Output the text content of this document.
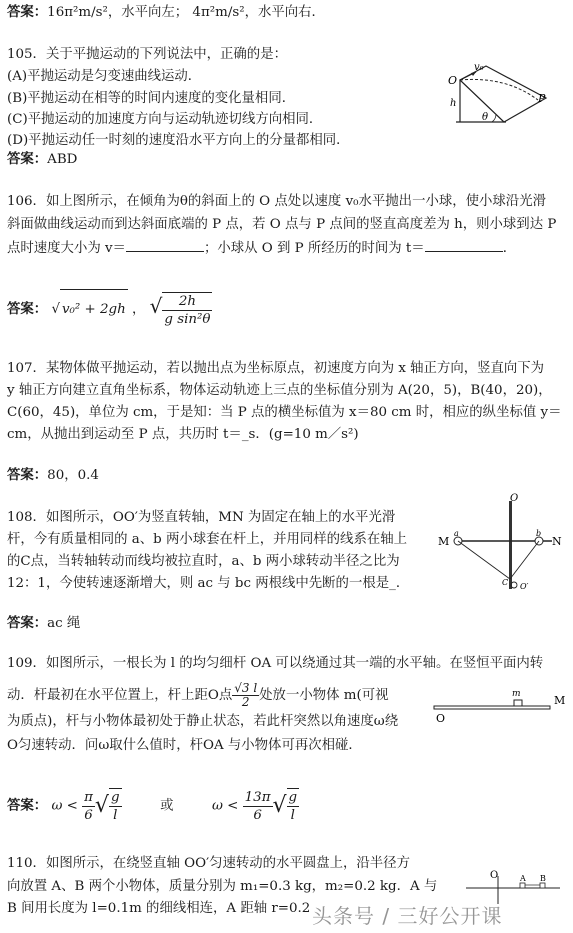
答案：16π²m/s²，水平向左； 4π²m/s²，水平向右．
105．关于平抛运动的下列说法中，正确的是：
(A)平抛运动是匀变速曲线运动．
(B)平抛运动在相等的时间内速度的变化量相同．
(C)平抛运动的加速度方向与运动轨迹切线方向相同．
(D)平抛运动任一时刻的速度沿水平方向上的分量都相同．
答案：ABD
O
v₀
h
θ
P
106．如上图所示，在倾角为θ的斜面上的 O 点处以速度 v₀水平抛出一小球，使小球沿光滑
斜面做曲线运动而到达斜面底端的 P 点，若 O 点与 P 点间的竖直高度差为 h，则小球到达 P
点时速度大小为 v＝	；小球从 O 到 P 所经历的时间为 t＝	．
答案： √ v₀² + 2gh ， √ $\frac{2h}{\text{g sin²θ}}$
107．某物体做平抛运动，若以抛出点为坐标原点，初速度方向为 x 轴正方向，竖直向下为
y 轴正方向建立直角坐标系，物体运动轨迹上三点的坐标值分别为 A(20，5)，B(40，20)，
C(60，45)，单位为 cm，于是知：当 P 点的横坐标值为 x＝80 cm 时，相应的纵坐标值 y＝
cm，从抛出到运动至 P 点，共历时 t＝_s．(g=10 m／s²)
答案：80，0.4
108．如图所示，OO′为竖直转轴，MN 为固定在轴上的水平光滑
杆，今有质量相同的 a、b 两小球套在杆上，并用同样的线系在轴上
的C点，当转轴转动而线均被拉直时，a、b 两小球转动半径之比为
12：1，今使转速逐渐增大，则 ac 与 bc 两根线中先断的一根是_．
答案：ac 绳
O
M	N
a	b
C O′
109．如图所示，一根长为 l 的均匀细杆 OA 可以绕通过其一端的水平轴。在竖恒平面内转
动．杆最初在水平位置上，杆上距O点 $\frac{√3 l}{2}$ 处放一小物体 m(可视
为质点)，杆与小物体最初处于静止状态，若此杆突然以角速度ω绕
O匀速转动．问ω取什么值时，杆OA 与小物体可再次相碰．
答案： $\omega < \frac{\pi}{6}$ √ $\frac{g}{l}$	或	$\omega < \frac{13\pi}{6}$ √ $\frac{g}{l}$
m	M
O
110．如图所示，在绕竖直轴 OO′匀速转动的水平圆盘上，沿半径方
向放置 A、B 两个小物体，质量分别为 m₁=0.3 kg，m₂=0.2 kg．A 与
B 间用长度为 l=0.1m 的细线相连，A 距轴 r=0.2
O	A B
头条号 / 三好公开课
